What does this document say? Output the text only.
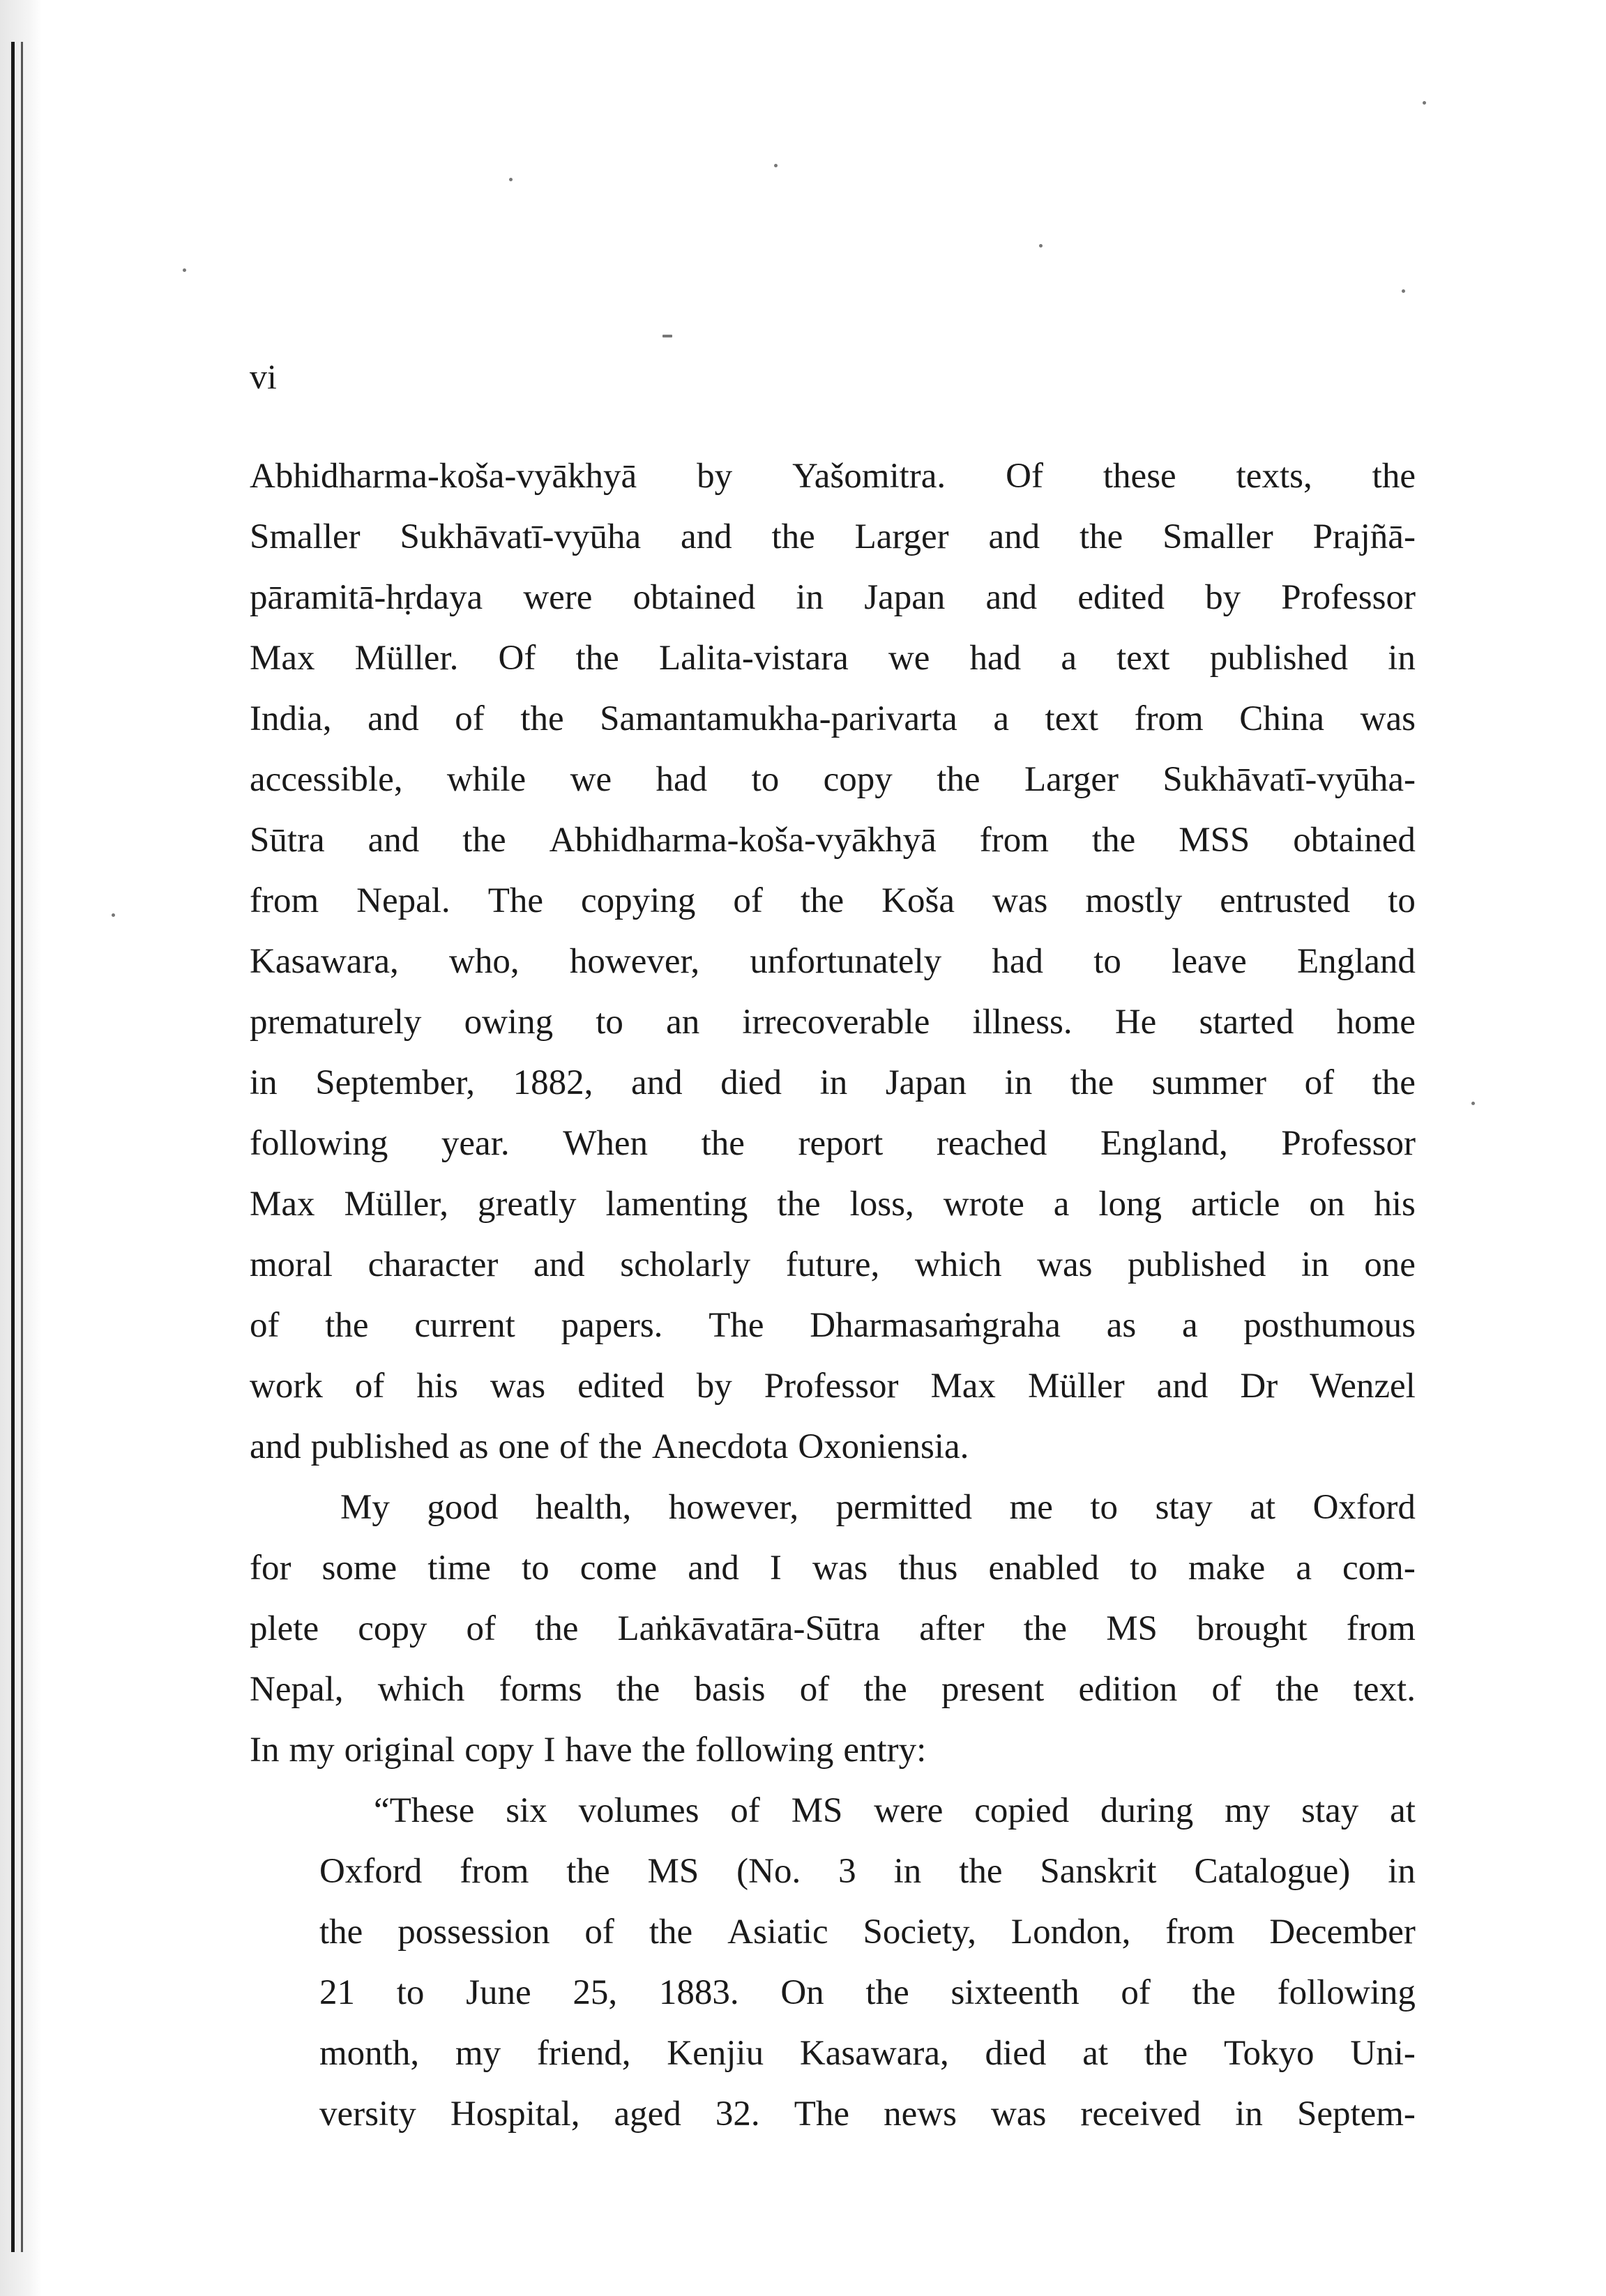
vi
Abhidharma-koša-vyākhyā by Yašomitra. Of these texts, the
Smaller Sukhāvatī-vyūha and the Larger and the Smaller Prajñā-
pāramitā-hṛdaya were obtained in Japan and edited by Professor
Max Müller. Of the Lalita-vistara we had a text published in
India, and of the Samantamukha-parivarta a text from China was
accessible, while we had to copy the Larger Sukhāvatī-vyūha-
Sūtra and the Abhidharma-koša-vyākhyā from the MSS obtained
from Nepal. The copying of the Koša was mostly entrusted to
Kasawara, who, however, unfortunately had to leave England
prematurely owing to an irrecoverable illness. He started home
in September, 1882, and died in Japan in the summer of the
following year. When the report reached England, Professor
Max Müller, greatly lamenting the loss, wrote a long article on his
moral character and scholarly future, which was published in one
of the current papers. The Dharmasaṁgraha as a posthumous
work of his was edited by Professor Max Müller and Dr Wenzel
and published as one of the Anecdota Oxoniensia.
My good health, however, permitted me to stay at Oxford
for some time to come and I was thus enabled to make a com-
plete copy of the Laṅkāvatāra-Sūtra after the MS brought from
Nepal, which forms the basis of the present edition of the text.
In my original copy I have the following entry:
“These six volumes of MS were copied during my stay at
Oxford from the MS (No. 3 in the Sanskrit Catalogue) in
the possession of the Asiatic Society, London, from December
21 to June 25, 1883. On the sixteenth of the following
month, my friend, Kenjiu Kasawara, died at the Tokyo Uni-
versity Hospital, aged 32. The news was received in Septem-
